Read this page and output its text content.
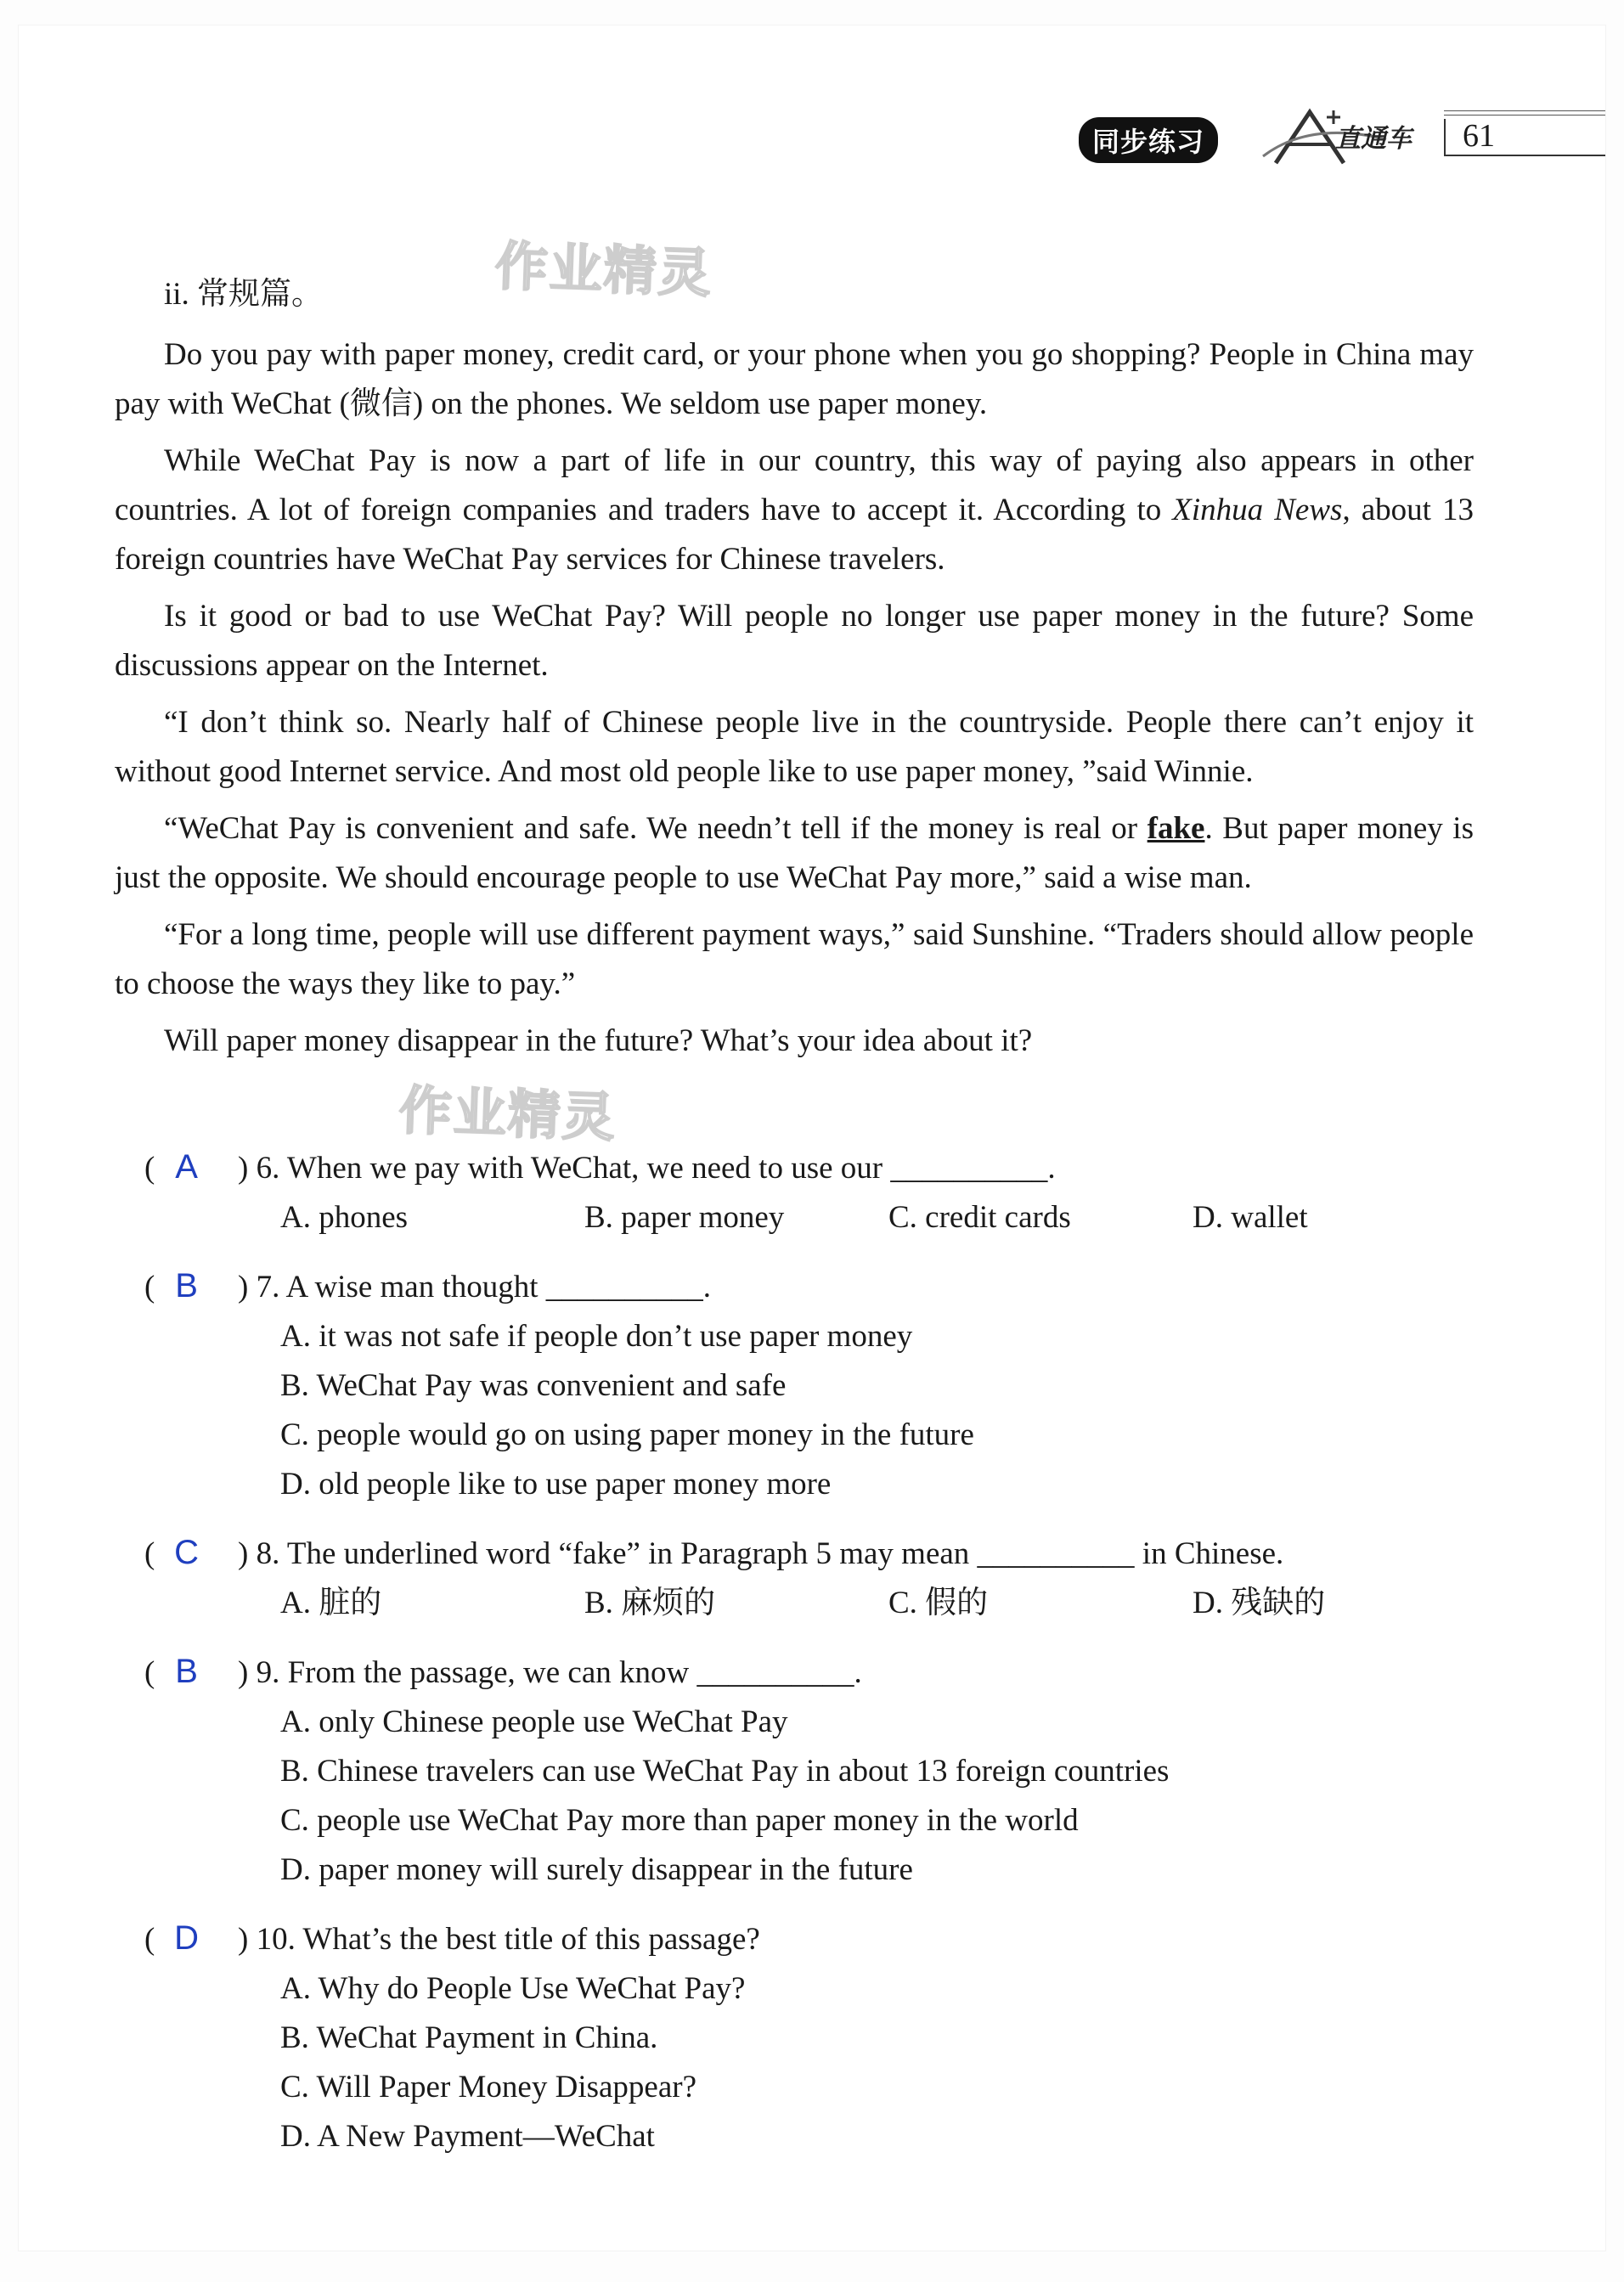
同步练习	直通车	61
作业精灵
作业精灵
ii. 常规篇。

Do you pay with paper money, credit card, or your phone when you go shopping? People in China may pay with WeChat (微信) on the phones. We seldom use paper money.

While WeChat Pay is now a part of life in our country, this way of paying also appears in other countries. A lot of foreign companies and traders have to accept it. According to Xinhua News, about 13 foreign countries have WeChat Pay services for Chinese travelers.

Is it good or bad to use WeChat Pay? Will people no longer use paper money in the future? Some discussions appear on the Internet.

“I don’t think so. Nearly half of Chinese people live in the countryside. People there can’t enjoy it without good Internet service. And most old people like to use paper money, ”said Winnie.

“WeChat Pay is convenient and safe. We needn’t tell if the money is real or fake. But paper money is just the opposite. We should encourage people to use WeChat Pay more,” said a wise man.

“For a long time, people will use different payment ways,” said Sunshine. “Traders should allow people to choose the ways they like to pay.”

Will paper money disappear in the future? What’s your idea about it?

( A ) 6. When we pay with WeChat, we need to use our __________.
A. phones	B. paper money	C. credit cards	D. wallet
( B ) 7. A wise man thought __________.
A. it was not safe if people don’t use paper money
B. WeChat Pay was convenient and safe
C. people would go on using paper money in the future
D. old people like to use paper money more
( C ) 8. The underlined word “fake” in Paragraph 5 may mean __________ in Chinese.
A. 脏的	B. 麻烦的	C. 假的	D. 残缺的
( B ) 9. From the passage, we can know __________.
A. only Chinese people use WeChat Pay
B. Chinese travelers can use WeChat Pay in about 13 foreign countries
C. people use WeChat Pay more than paper money in the world
D. paper money will surely disappear in the future
( D ) 10. What’s the best title of this passage?
A. Why do People Use WeChat Pay?
B. WeChat Payment in China.
C. Will Paper Money Disappear?
D. A New Payment—WeChat
